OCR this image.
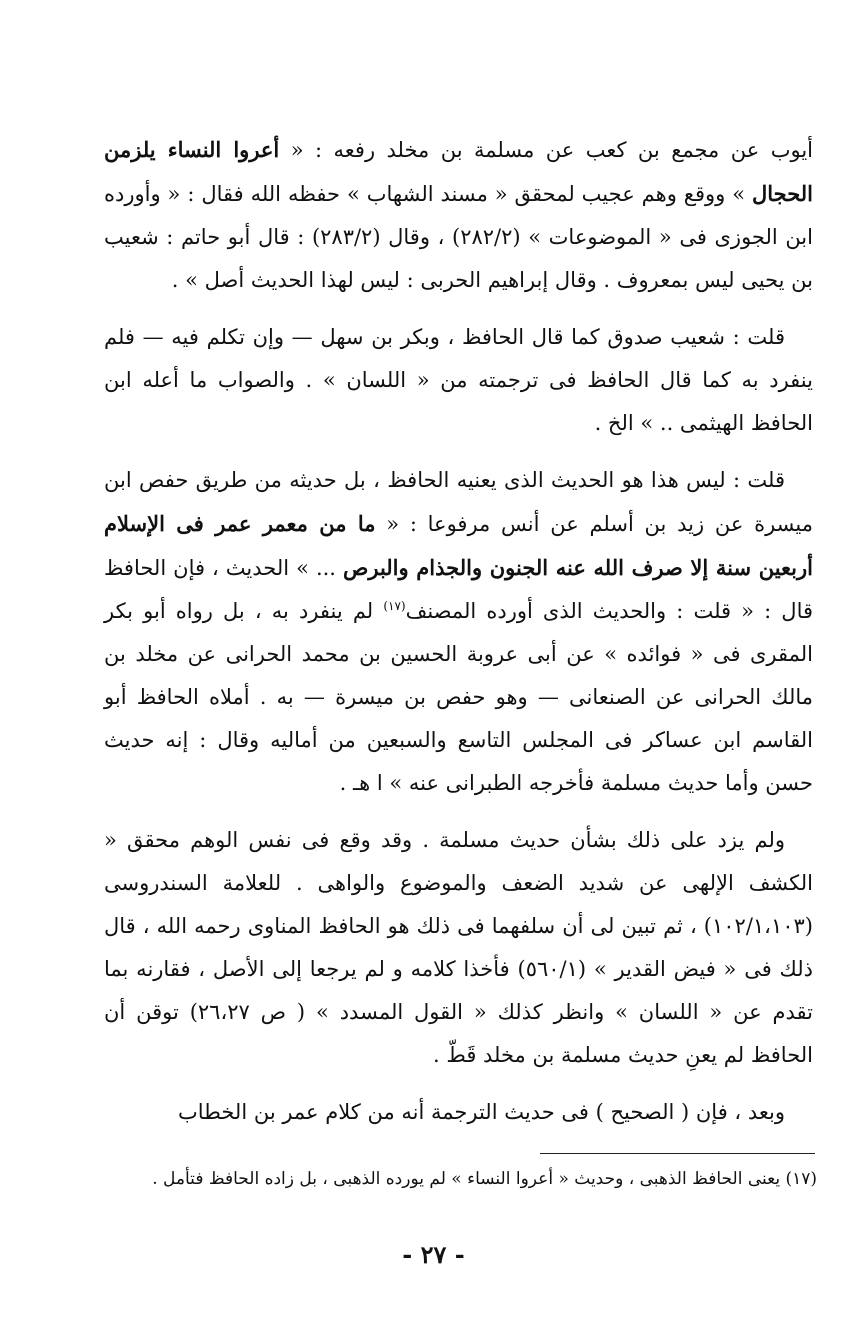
أيوب عن مجمع بن كعب عن مسلمة بن مخلد رفعه : « أعروا النساء يلزمن الحجال » ووقع وهم عجيب لمحقق « مسند الشهاب » حفظه الله فقال : « وأورده ابن الجوزى فى « الموضوعات » (٢٨٢/٢) ، وقال (٢٨٣/٢) : قال أبو حاتم : شعيب بن يحيى ليس بمعروف . وقال إبراهيم الحربى : ليس لهذا الحديث أصل » .

قلت : شعيب صدوق كما قال الحافظ ، وبكر بن سهل — وإن تكلم فيه — فلم ينفرد به كما قال الحافظ فى ترجمته من « اللسان » . والصواب ما أعله ابن الحافظ الهيثمى .. » الخ .

قلت : ليس هذا هو الحديث الذى يعنيه الحافظ ، بل حديثه من طريق حفص ابن ميسرة عن زيد بن أسلم عن أنس مرفوعا : « ما من معمر عمر فى الإسلام أربعين سنة إلا صرف الله عنه الجنون والجذام والبرص ... » الحديث ، فإن الحافظ قال : « قلت : والحديث الذى أورده المصنف$^{(١٧)}$ لم ينفرد به ، بل رواه أبو بكر المقرى فى « فوائده » عن أبى عروبة الحسين بن محمد الحرانى عن مخلد بن مالك الحرانى عن الصنعانى — وهو حفص بن ميسرة — به . أملاه الحافظ أبو القاسم ابن عساكر فى المجلس التاسع والسبعين من أماليه وقال : إنه حديث حسن وأما حديث مسلمة فأخرجه الطبرانى عنه » ا هـ .

ولم يزد على ذلك بشأن حديث مسلمة . وقد وقع فى نفس الوهم محقق « الكشف الإلهى عن شديد الضعف والموضوع والواهى . للعلامة السندروسى (١٠٢/١،١٠٣) ، ثم تبين لى أن سلفهما فى ذلك هو الحافظ المناوى رحمه الله ، قال ذلك فى « فيض القدير » (٥٦٠/١) فأخذا كلامه و لم يرجعا إلى الأصل ، فقارنه بما تقدم عن « اللسان » وانظر كذلك « القول المسدد » ( ص ٢٦،٢٧) توقن أن الحافظ لم يعنِ حديث مسلمة بن مخلد قَطّ .

وبعد ، فإن ( الصحيح ) فى حديث الترجمة أنه من كلام عمر بن الخطاب

(١٧) يعنى الحافظ الذهبى ، وحديث « أعروا النساء » لم يورده الذهبى ، بل زاده الحافظ فتأمل .

- ٢٧ -
